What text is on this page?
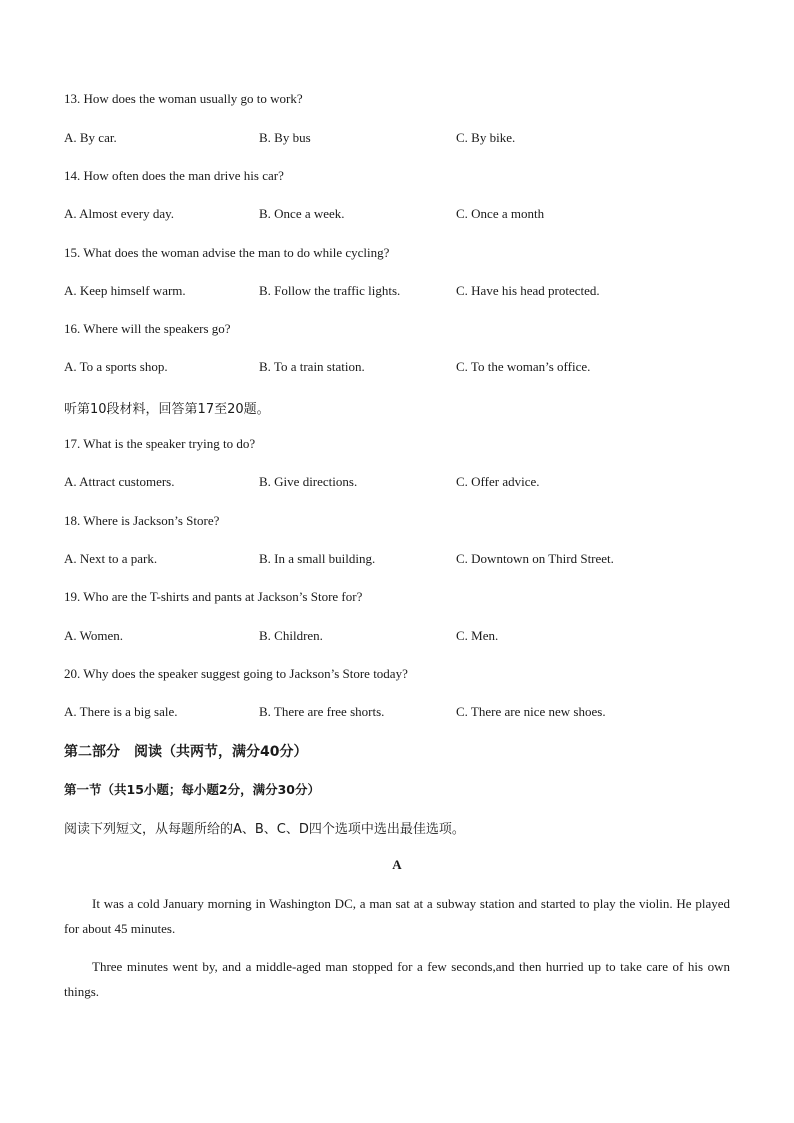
13. How does the woman usually go to work?
A. By car.	B. By bus	C. By bike.
14. How often does the man drive his car?
A. Almost every day.	B. Once a week.	C. Once a month
15. What does the woman advise the man to do while cycling?
A. Keep himself warm.	B. Follow the traffic lights.	C. Have his head protected.
16. Where will the speakers go?
A. To a sports shop.	B. To a train station.	C. To the woman’s office.
听第10段材料，回答第17至20题。
17. What is the speaker trying to do?
A. Attract customers.	B. Give directions.	C. Offer advice.
18. Where is Jackson’s Store?
A. Next to a park.	B. In a small building.	C. Downtown on Third Street.
19. Who are the T-shirts and pants at Jackson’s Store for?
A. Women.	B. Children.	C. Men.
20. Why does the speaker suggest going to Jackson’s Store today?
A. There is a big sale.	B. There are free shorts.	C. There are nice new shoes.
第二部分　阅读（共两节，满分40分）
第一节（共15小题；每小题2分，满分30分）
阅读下列短文，从每题所给的A、B、C、D四个选项中选出最佳选项。
A
It was a cold January morning in Washington DC, a man sat at a subway station and started to play the violin. He played for about 45 minutes.
Three minutes went by, and a middle-aged man stopped for a few seconds,and then hurried up to take care of his own things.
